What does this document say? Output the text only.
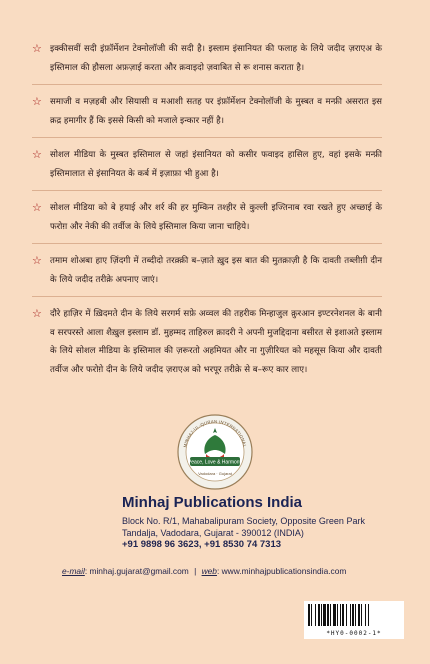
☆ इक्कीसवीं सदी इंफ़ॉर्मेशन टेक्नोलॉजी की सदी है। इस्लाम इंसानियत की फलाह के लिये जदीद ज़राएअ के इस्तिमाल की हौसला अफ़ज़ाई करता और क़वाइदो ज़वाबित से रू शनास कराता है।
☆ समाजी व मज़हबी और सियासी व मआशी सतह पर इंफ़ॉर्मेशन टेक्नोलॉजी के मुस्बत व मन्फ़ी असरात इस क़द्र हमागीर हैं कि इससे किसी को मजाले इन्कार नहीं है।
☆ सोशल मीडिया के मुस्बत इस्तिमाल से जहां इंसानियत को कसीर फवाइद हासिल हुए, वहां इसके मन्फ़ी इस्तिमालात से इंसानियत के कर्ब में इज़ाफ़ा भी हुआ है।
☆ सोशल मीडिया को बे हयाई और शर्र की हर मुम्किन तश्हीर से कुल्ली इज्तिनाब रवा रखते हुए अच्छाई के फरोग़ और नेकी की तर्वीज के लिये इस्तिमाल किया जाना चाहिये।
☆ तमाम शोअबा हाए ज़िंदगी में तब्दीदो तरक़्क़ी ब–ज़ाते ख़ुद इस बात की मुतक़ाज़ी है कि दावती तब्लीग़ी दीन के लिये जदीद तरीक़े अपनाए जाएं।
☆ दौरे हाज़िर में ख़िदमते दीन के लिये सरगर्म सफ़े अव्वल की तहरीक मिन्हाजुल क़ुरआन इण्टरनेशनल के बानी व सरपरस्ते आला शैख़ुल इस्लाम डॉ. मुहम्मद ताहिरुल क़ादरी ने अपनी मुजद्दिदाना बसीरत से इशाअते इस्लाम के लिये सोशल मीडिया के इस्तिमाल की ज़रूरतो अहमियत और ना गुज़ीरियत को महसूस किया और दावती तर्वीज और फरोग़े दीन के लिये जदीद ज़राएअ को भरपूर तरीक़े से ब–रूए कार लाए।
Peace, Love & Harmony
MINHAJ-UL-QURAN INTERNATIONAL
Vadodara · Gujarat
Minhaj Publications India
Block No. R/1, Mahabalipuram Society, Opposite Green Park
Tandalja, Vadodara, Gujarat - 390012 (INDIA)
+91 9898 96 3623, +91 8530 74 7313
e-mail: minhaj.gujarat@gmail.com | web: www.minhajpublicationsindia.com
*HY0-0002-1*
